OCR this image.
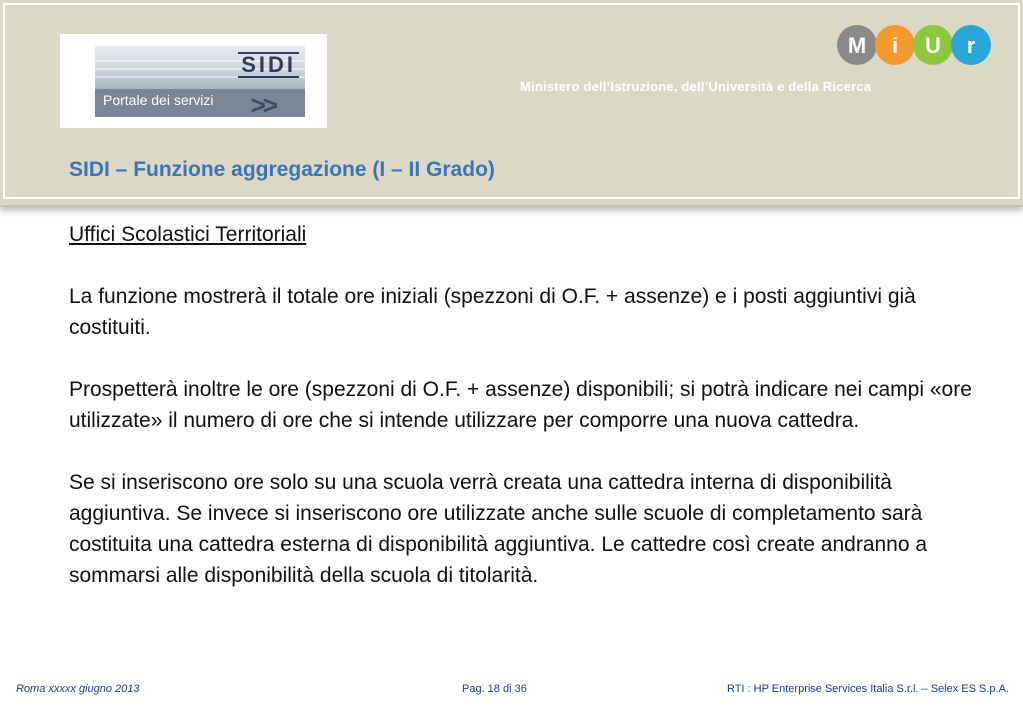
SIDI
Portale dei servizi	>>
M i U r
Ministero dell’Istruzione, dell’Università e della Ricerca
SIDI – Funzione aggregazione (I – II Grado)

Uffici Scolastici Territoriali

La funzione mostrerà il totale ore iniziali (spezzoni di O.F. + assenze) e i posti aggiuntivi già costituiti.

Prospetterà inoltre le ore (spezzoni di O.F. + assenze) disponibili; si potrà indicare nei campi «ore utilizzate» il numero di ore che si intende utilizzare per comporre una nuova cattedra.

Se si inseriscono ore solo su una scuola verrà creata una cattedra interna di disponibilità aggiuntiva. Se invece si inseriscono ore utilizzate anche sulle scuole di completamento sarà costituita una cattedra esterna di disponibilità aggiuntiva. Le cattedre così create andranno a sommarsi alle disponibilità della scuola di titolarità.

Roma xxxxx giugno 2013	Pag. 18 di 36	RTI : HP Enterprise Services Italia S.r.l. – Selex ES S.p.A.
